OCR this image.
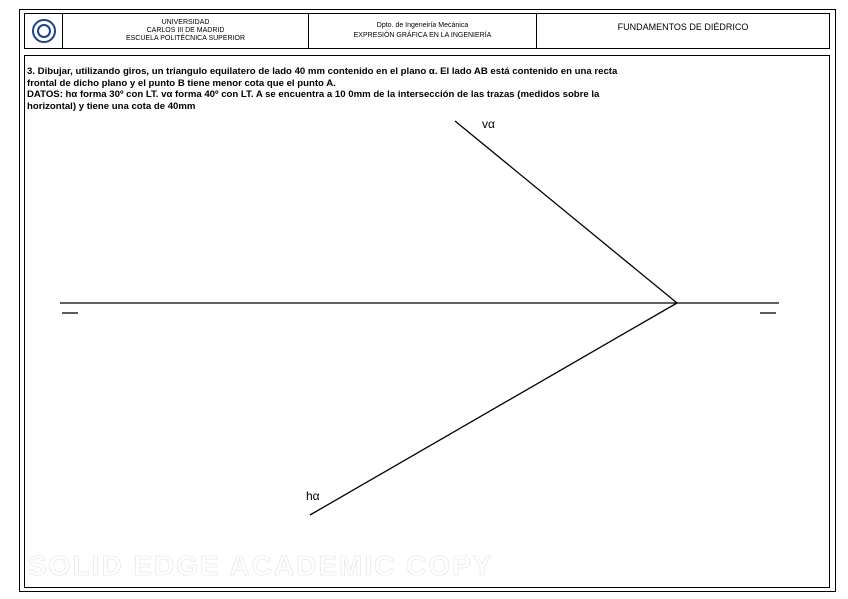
UNIVERSIDAD
CARLOS III DE MADRID
ESCUELA POLITÉCNICA SUPERIOR
Dpto. de Ingeneiría Mecánica
EXPRESIÓN GRÁFICA EN LA INGENIERÍA
FUNDAMENTOS DE DIÉDRICO

3. Dibujar, utilizando giros, un triangulo equilatero de lado 40 mm contenido en el plano α. El lado AB está contenido en una recta

frontal de dicho plano y el punto B tiene menor cota que el punto A.

DATOS: hα forma 30º con LT. vα forma 40º con LT. A se encuentra a 10 0mm de la intersección de las trazas (medidos sobre la

horizontal) y tiene una cota de 40mm

vα
hα
SOLID EDGE ACADEMIC COPY
